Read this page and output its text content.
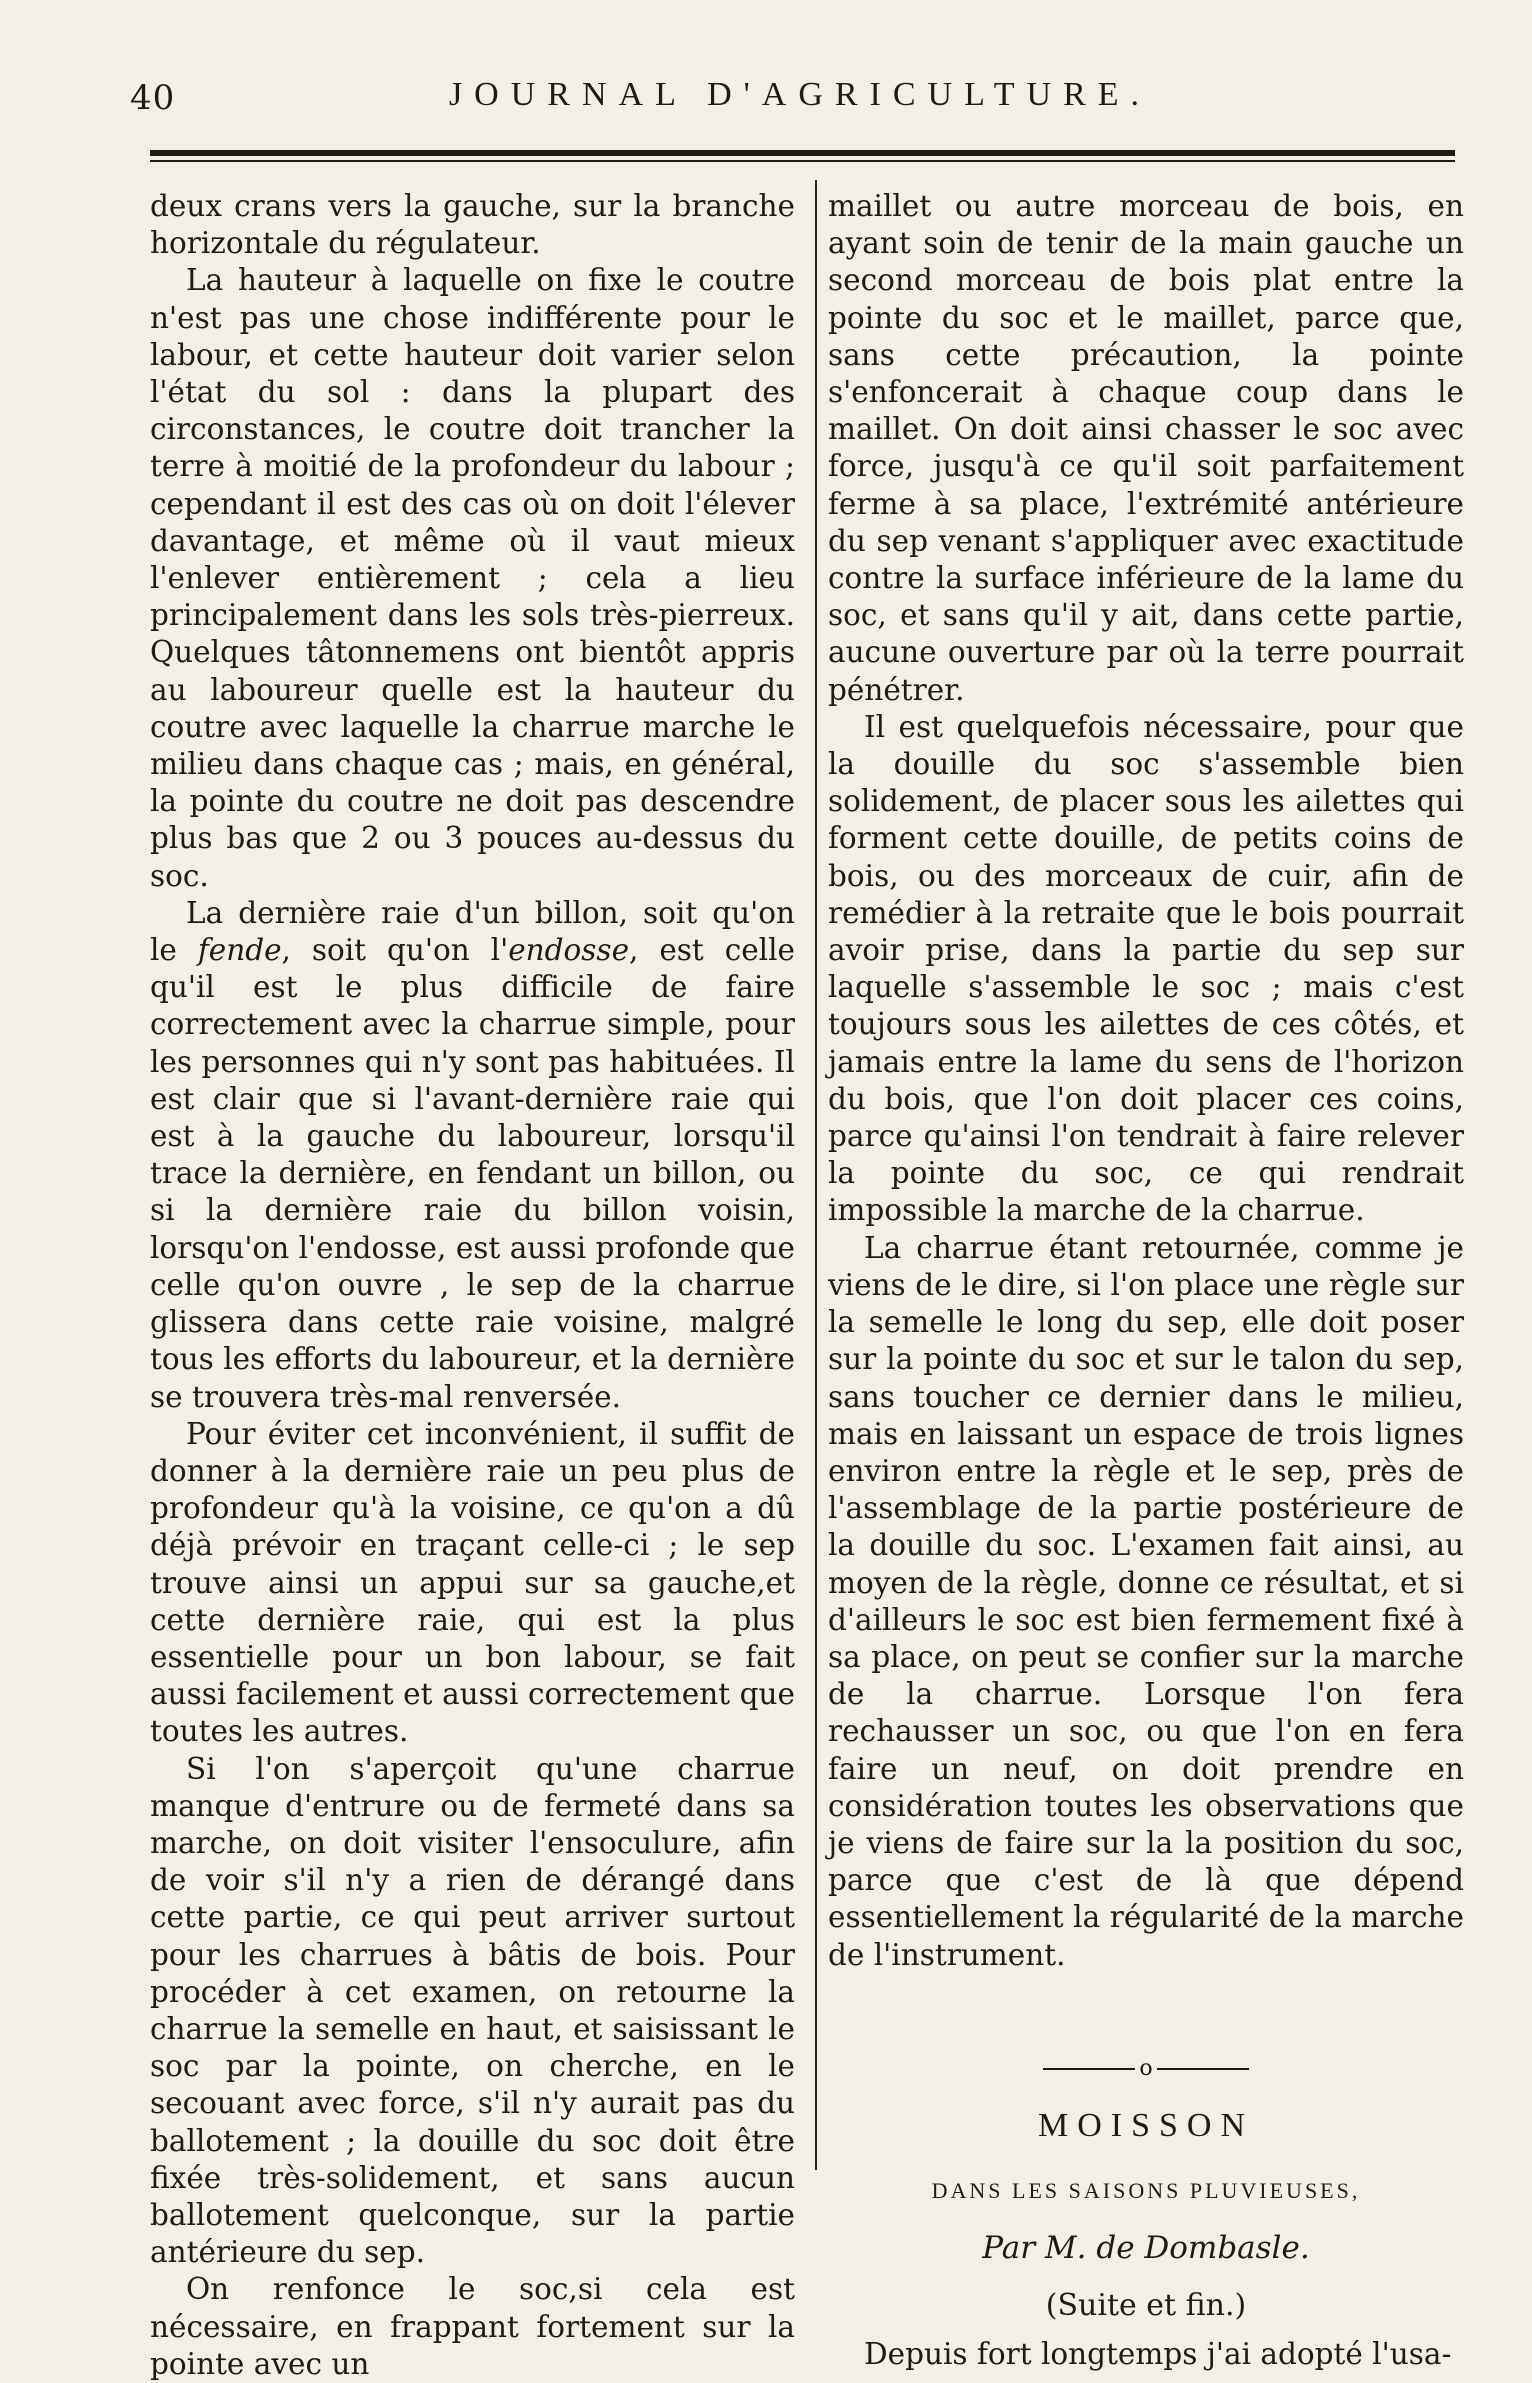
40	JOURNAL D'AGRICULTURE.

deux crans vers la gauche, sur la branche horizontale du régulateur.

La hauteur à laquelle on fixe le coutre n'est pas une chose indifférente pour le labour, et cette hauteur doit varier selon l'état du sol : dans la plupart des circonstances, le coutre doit trancher la terre à moitié de la profondeur du labour ; cependant il est des cas où on doit l'élever davantage, et même où il vaut mieux l'enlever entièrement ; cela a lieu principalement dans les sols très-pierreux. Quelques tâtonnemens ont bientôt appris au laboureur quelle est la hauteur du coutre avec laquelle la charrue marche le milieu dans chaque cas ; mais, en général, la pointe du coutre ne doit pas descendre plus bas que 2 ou 3 pouces au-dessus du soc.

La dernière raie d'un billon, soit qu'on le fende, soit qu'on l'endosse, est celle qu'il est le plus difficile de faire correctement avec la charrue simple, pour les personnes qui n'y sont pas habituées. Il est clair que si l'avant-dernière raie qui est à la gauche du laboureur, lorsqu'il trace la dernière, en fendant un billon, ou si la dernière raie du billon voisin, lorsqu'on l'endosse, est aussi profonde que celle qu'on ouvre , le sep de la charrue glissera dans cette raie voisine, malgré tous les efforts du laboureur, et la dernière se trouvera très-mal renversée.

Pour éviter cet inconvénient, il suffit de donner à la dernière raie un peu plus de profondeur qu'à la voisine, ce qu'on a dû déjà prévoir en traçant celle-ci ; le sep trouve ainsi un appui sur sa gauche,et cette dernière raie, qui est la plus essentielle pour un bon labour, se fait aussi facilement et aussi correctement que toutes les autres.

Si l'on s'aperçoit qu'une charrue manque d'entrure ou de fermeté dans sa marche, on doit visiter l'ensoculure, afin de voir s'il n'y a rien de dérangé dans cette partie, ce qui peut arriver surtout pour les charrues à bâtis de bois. Pour procéder à cet examen, on retourne la charrue la semelle en haut, et saisissant le soc par la pointe, on cherche, en le secouant avec force, s'il n'y aurait pas du ballotement ; la douille du soc doit être fixée très-solidement, et sans aucun ballotement quelconque, sur la partie antérieure du sep.

On renfonce le soc,si cela est nécessaire, en frappant fortement sur la pointe avec un

maillet ou autre morceau de bois, en ayant soin de tenir de la main gauche un second morceau de bois plat entre la pointe du soc et le maillet, parce que, sans cette précaution, la pointe s'enfoncerait à chaque coup dans le maillet. On doit ainsi chasser le soc avec force, jusqu'à ce qu'il soit parfaitement ferme à sa place, l'extrémité antérieure du sep venant s'appliquer avec exactitude contre la surface inférieure de la lame du soc, et sans qu'il y ait, dans cette partie, aucune ouverture par où la terre pourrait pénétrer.

Il est quelquefois nécessaire, pour que la douille du soc s'assemble bien solidement, de placer sous les ailettes qui forment cette douille, de petits coins de bois, ou des morceaux de cuir, afin de remédier à la retraite que le bois pourrait avoir prise, dans la partie du sep sur laquelle s'assemble le soc ; mais c'est toujours sous les ailettes de ces côtés, et jamais entre la lame du sens de l'horizon du bois, que l'on doit placer ces coins, parce qu'ainsi l'on tendrait à faire relever la pointe du soc, ce qui rendrait impossible la marche de la charrue.

La charrue étant retournée, comme je viens de le dire, si l'on place une règle sur la semelle le long du sep, elle doit poser sur la pointe du soc et sur le talon du sep, sans toucher ce dernier dans le milieu, mais en laissant un espace de trois lignes environ entre la règle et le sep, près de l'assemblage de la partie postérieure de la douille du soc. L'examen fait ainsi, au moyen de la règle, donne ce résultat, et si d'ailleurs le soc est bien fermement fixé à sa place, on peut se confier sur la marche de la charrue. Lorsque l'on fera rechausser un soc, ou que l'on en fera faire un neuf, on doit prendre en considération toutes les observations que je viens de faire sur la la position du soc, parce que c'est de là que dépend essentiellement la régularité de la marche de l'instrument.

o
MOISSON
DANS LES SAISONS PLUVIEUSES,
Par M. de Dombasle.
(Suite et fin.)

Depuis fort longtemps j'ai adopté l'usa-
